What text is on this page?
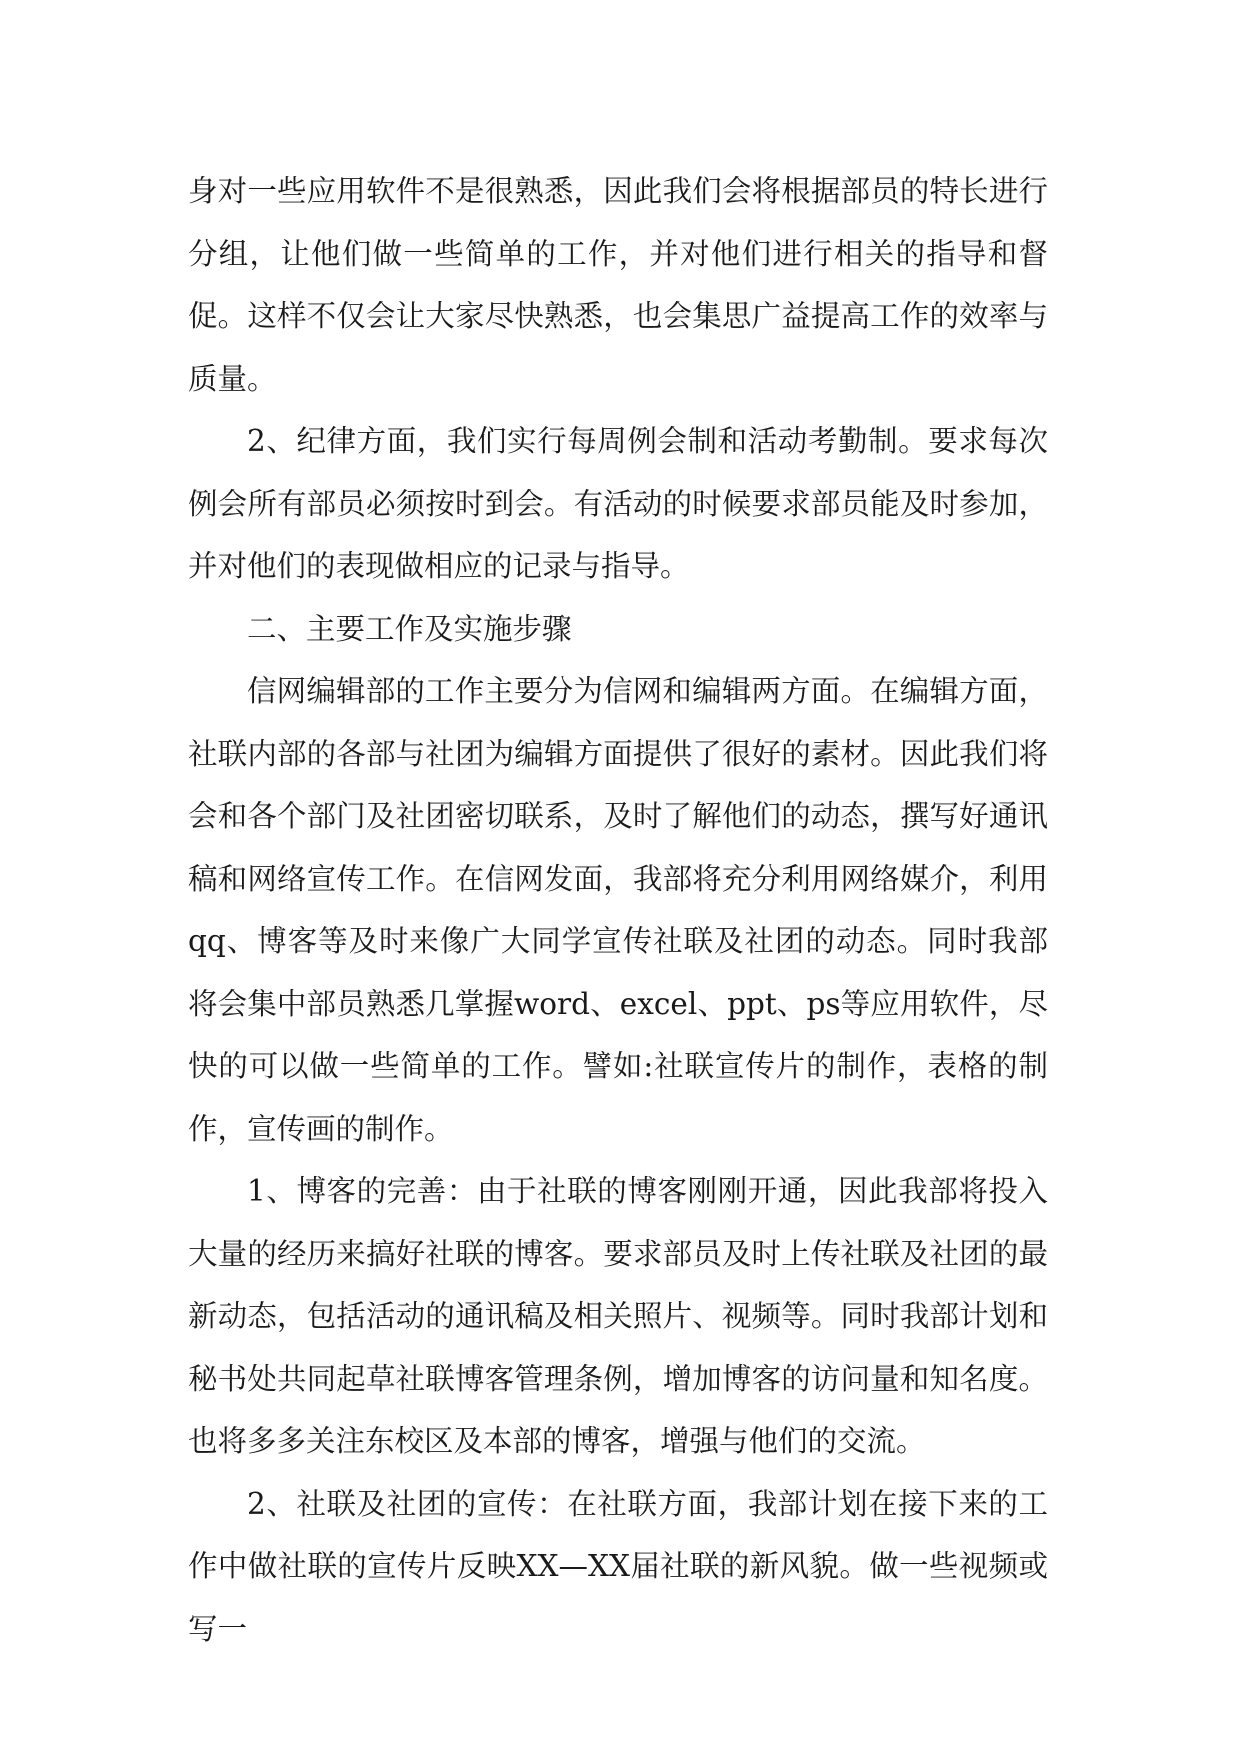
身对一些应用软件不是很熟悉，因此我们会将根据部员的特长进行分组，让他们做一些简单的工作，并对他们进行相关的指导和督促。这样不仅会让大家尽快熟悉，也会集思广益提高工作的效率与质量。

2、纪律方面，我们实行每周例会制和活动考勤制。要求每次例会所有部员必须按时到会。有活动的时候要求部员能及时参加，并对他们的表现做相应的记录与指导。

二、主要工作及实施步骤

信网编辑部的工作主要分为信网和编辑两方面。在编辑方面，社联内部的各部与社团为编辑方面提供了很好的素材。因此我们将会和各个部门及社团密切联系，及时了解他们的动态，撰写好通讯稿和网络宣传工作。在信网发面，我部将充分利用网络媒介，利用qq、博客等及时来像广大同学宣传社联及社团的动态。同时我部将会集中部员熟悉几掌握word、excel、ppt、ps等应用软件，尽快的可以做一些简单的工作。譬如:社联宣传片的制作，表格的制作，宣传画的制作。

1、博客的完善：由于社联的博客刚刚开通，因此我部将投入大量的经历来搞好社联的博客。要求部员及时上传社联及社团的最新动态，包括活动的通讯稿及相关照片、视频等。同时我部计划和秘书处共同起草社联博客管理条例，增加博客的访问量和知名度。也将多多关注东校区及本部的博客，增强与他们的交流。

2、社联及社团的宣传：在社联方面，我部计划在接下来的工作中做社联的宣传片反映XX—XX届社联的新风貌。做一些视频或写一
